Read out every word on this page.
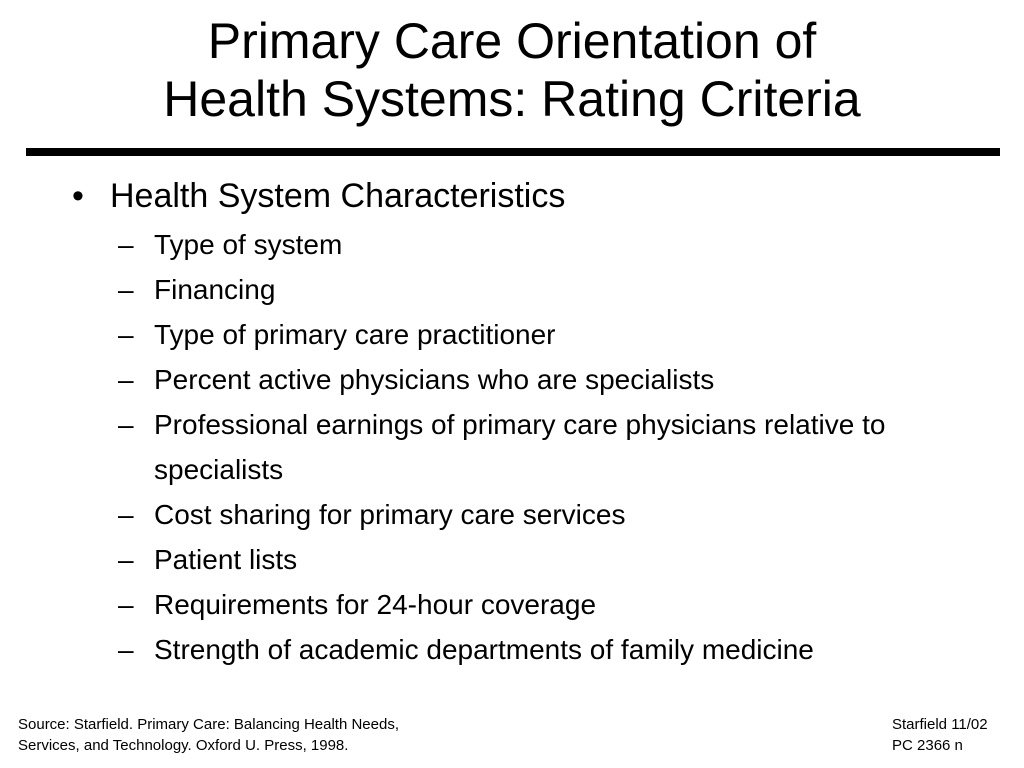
Primary Care Orientation of
Health Systems: Rating Criteria
• Health System Characteristics
– Type of system
– Financing
– Type of primary care practitioner
– Percent active physicians who are specialists
– Professional earnings of primary care physicians relative to specialists
– Cost sharing for primary care services
– Patient lists
– Requirements for 24-hour coverage
– Strength of academic departments of family medicine
Source: Starfield. Primary Care: Balancing Health Needs,
Services, and Technology. Oxford U. Press, 1998.
Starfield 11/02
PC 2366 n
